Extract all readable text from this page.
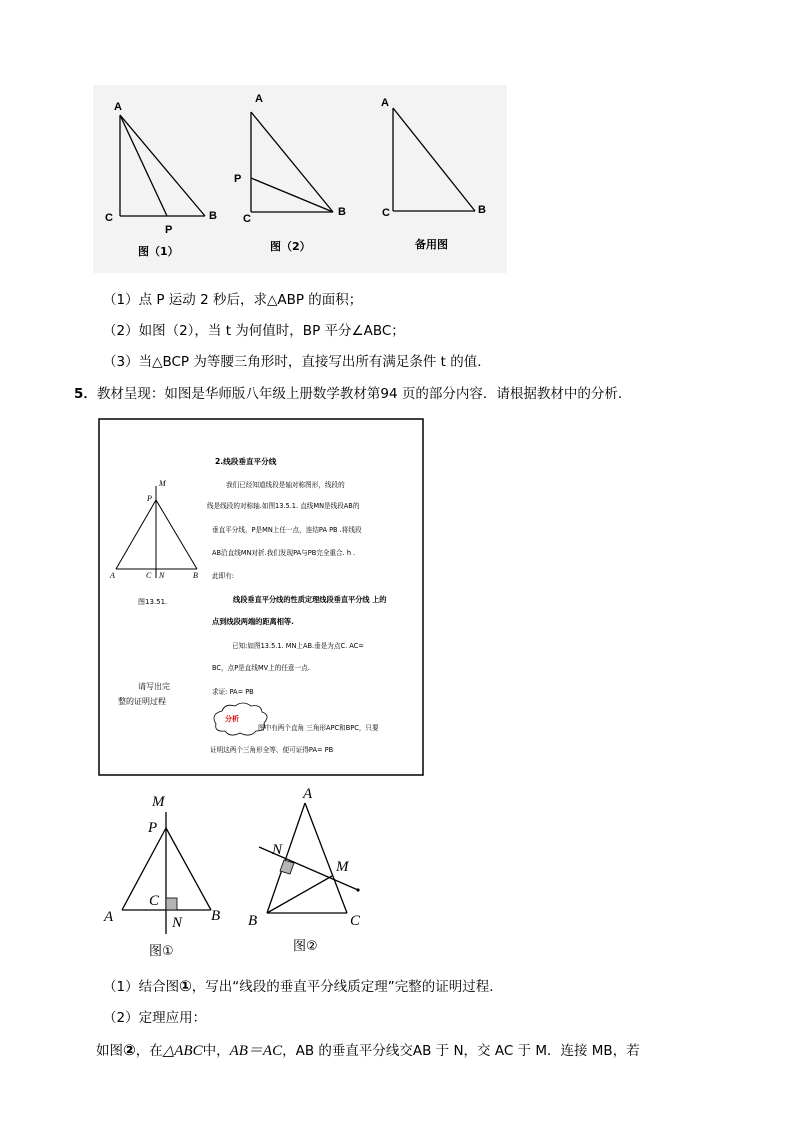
A
C
P
B
图（1）
A
P
C
B
图（2）
A
C	B
备用图
（1）点 P 运动 2 秒后，求△ABP 的面积；
（2）如图（2），当 t 为何值时，BP 平分∠ABC；
（3）当△BCP 为等腰三角形时，直接写出所有满足条件 t 的值．
5．教材呈现：如图是华师版八年级上册数学教材第94 页的部分内容．请根据教材中的分析．
M
P
A	C N	B
图13.51.
2.线段垂直平分线
我们已经知道线段是轴对称图形，线段的
线是线段的对称轴.如图13.5.1. 直线MN是线段AB的
垂直平分线，P是MN上任一点，连结PA PB .将线段
AB沿直线MN对折.我们发现PA与PB完全重合. h .
此即有:
线段垂直平分线的性质定理线段垂直平分线 上的
点到线段两端的距离相等.
已知:如图13.5.1. MN上AB.垂是为点C. AC=
BC，点P是直线MV上的任意一点.
求证: PA= PB
请写出完
整的证明过程
分析
图中有两个直角 三角形APC和BPC，只要
证明这两个三角形全等、便可证得PA= PB
M
P
C
A	N B
图①
A
N
M
B	C
图②
（1）结合图①，写出“线段的垂直平分线质定理”完整的证明过程．
（2）定理应用：
如图②，在△ABC中，AB＝AC，AB 的垂直平分线交AB 于 N，交 AC 于 M．连接 MB，若
